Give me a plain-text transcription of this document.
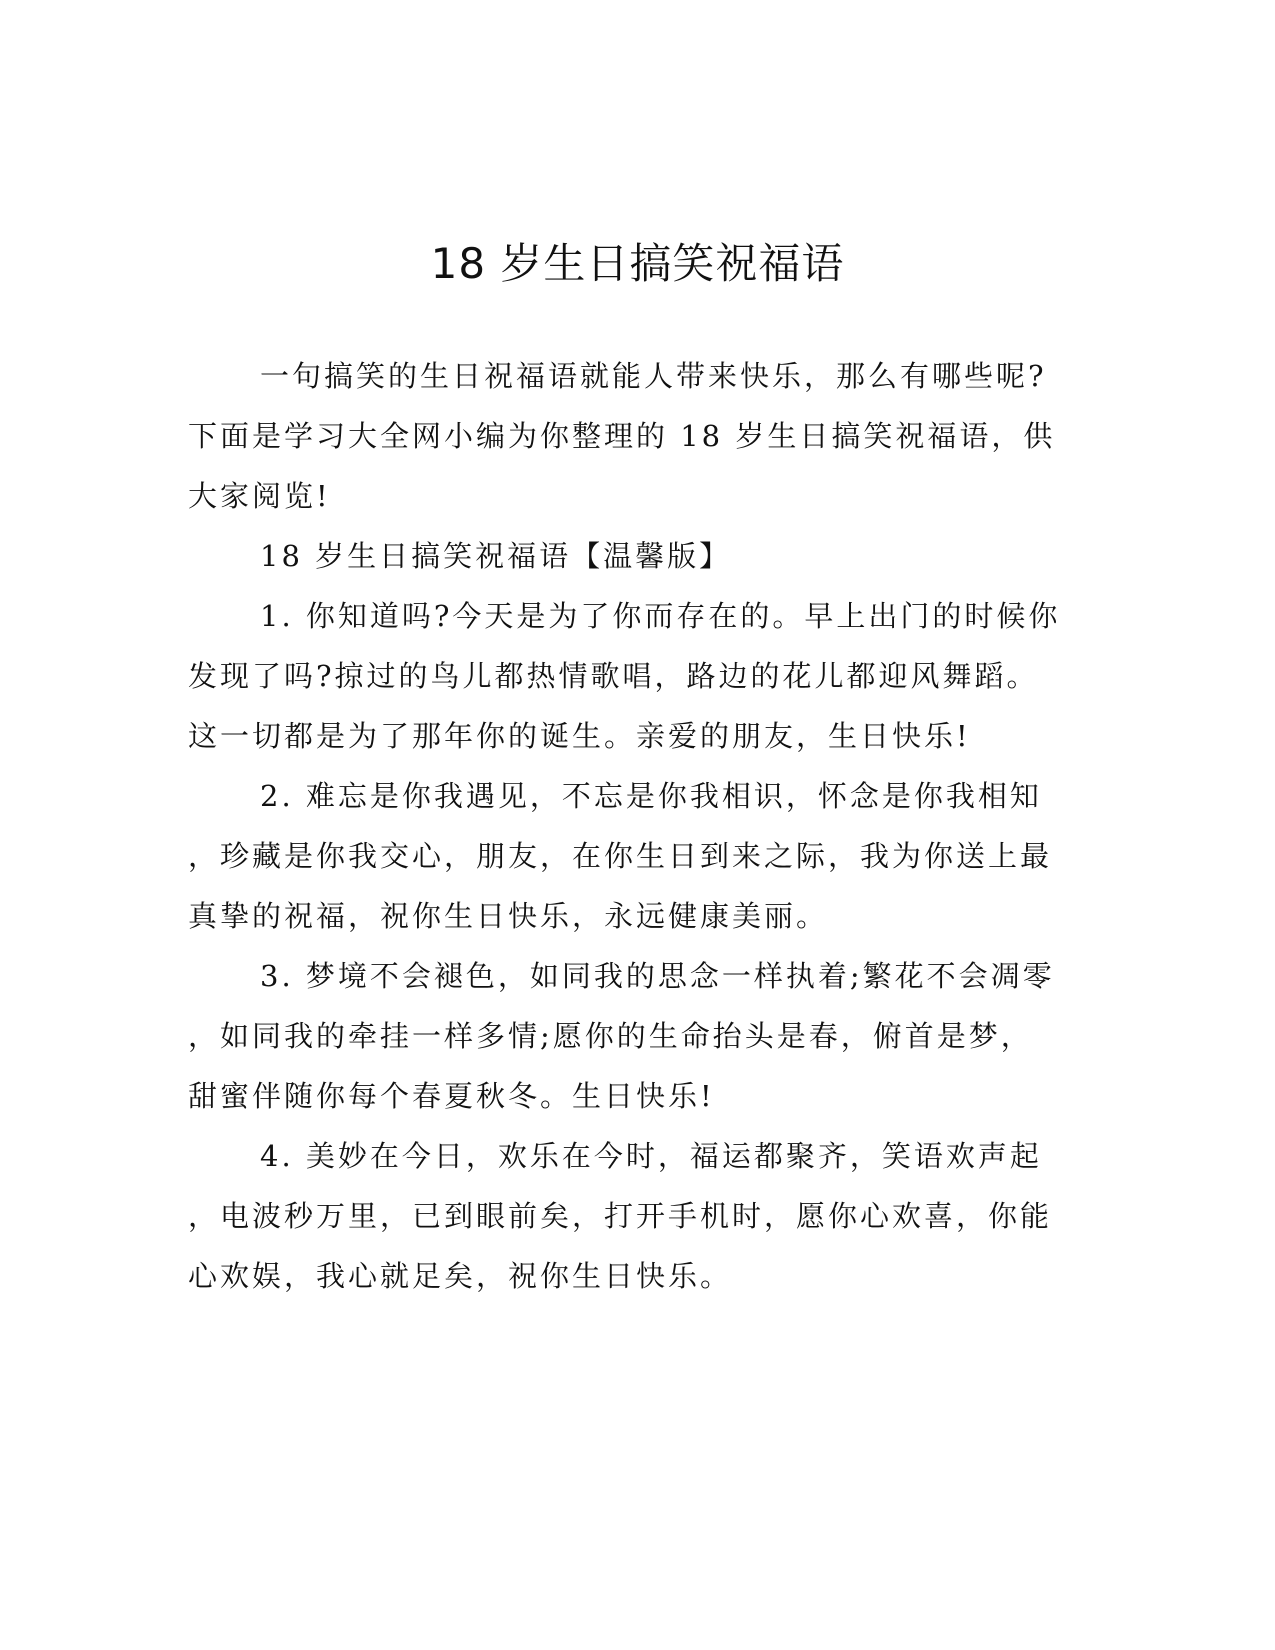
18 岁生日搞笑祝福语

一句搞笑的生日祝福语就能人带来快乐，那么有哪些呢?
下面是学习大全网小编为你整理的 18 岁生日搞笑祝福语，供
大家阅览!

18 岁生日搞笑祝福语【温馨版】

1. 你知道吗?今天是为了你而存在的。早上出门的时候你
发现了吗?掠过的鸟儿都热情歌唱，路边的花儿都迎风舞蹈。
这一切都是为了那年你的诞生。亲爱的朋友，生日快乐!

2. 难忘是你我遇见，不忘是你我相识，怀念是你我相知
，珍藏是你我交心，朋友，在你生日到来之际，我为你送上最
真挚的祝福，祝你生日快乐，永远健康美丽。

3. 梦境不会褪色，如同我的思念一样执着;繁花不会凋零
，如同我的牵挂一样多情;愿你的生命抬头是春，俯首是梦，
甜蜜伴随你每个春夏秋冬。生日快乐!

4. 美妙在今日，欢乐在今时，福运都聚齐，笑语欢声起
，电波秒万里，已到眼前矣，打开手机时，愿你心欢喜，你能
心欢娱，我心就足矣，祝你生日快乐。
